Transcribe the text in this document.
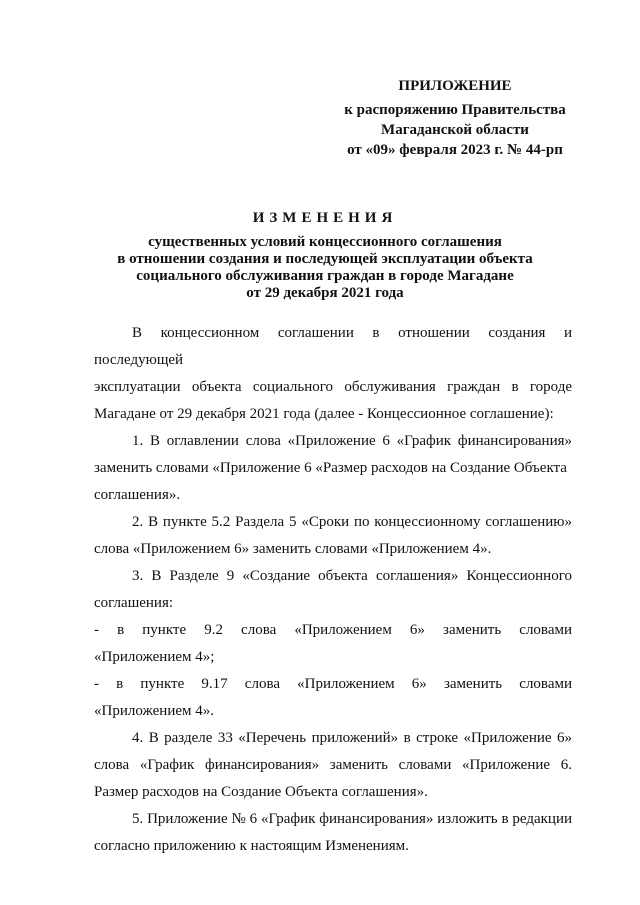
ПРИЛОЖЕНИЕ
к распоряжению Правительства
Магаданской области
от «09» февраля 2023 г. № 44-рп
ИЗМЕНЕНИЯ
существенных условий концессионного соглашения
в отношении создания и последующей эксплуатации объекта
социального обслуживания граждан в городе Магадане
от 29 декабря 2021 года

В концессионном соглашении в отношении создания и последующей

эксплуатации объекта социального обслуживания граждан в городе

Магадане от 29 декабря 2021 года (далее - Концессионное соглашение):

1. В оглавлении слова «Приложение 6 «График финансирования»

заменить словами «Приложение 6 «Размер расходов на Создание Объекта

соглашения».

2. В пункте 5.2 Раздела 5 «Сроки по концессионному соглашению»

слова «Приложением 6» заменить словами «Приложением 4».

3. В Разделе 9 «Создание объекта соглашения» Концессионного

соглашения:

- в пункте 9.2 слова «Приложением 6» заменить словами

«Приложением 4»;

- в пункте 9.17 слова «Приложением 6» заменить словами

«Приложением 4».

4. В разделе 33 «Перечень приложений» в строке «Приложение 6»

слова «График финансирования» заменить словами «Приложение 6.

Размер расходов на Создание Объекта соглашения».

5. Приложение № 6 «График финансирования» изложить в редакции

согласно приложению к настоящим Изменениям.
